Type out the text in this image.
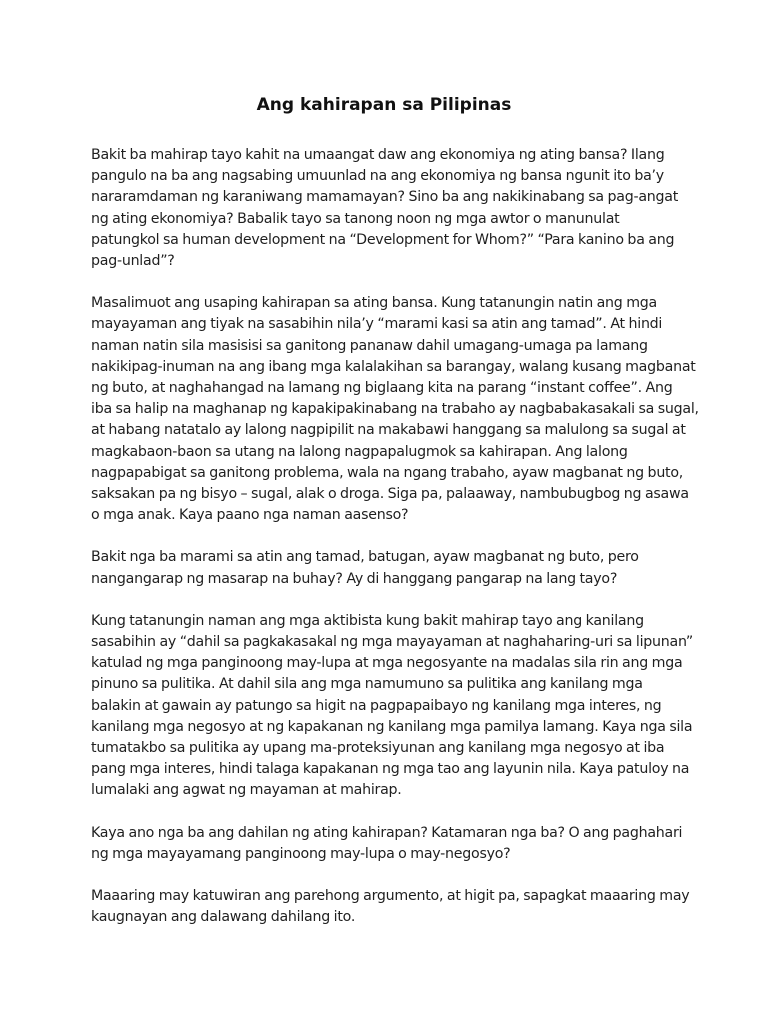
Ang kahirapan sa Pilipinas

Bakit ba mahirap tayo kahit na umaangat daw ang ekonomiya ng ating bansa? Ilang
pangulo na ba ang nagsabing umuunlad na ang ekonomiya ng bansa ngunit ito ba’y
nararamdaman ng karaniwang mamamayan? Sino ba ang nakikinabang sa pag-angat
ng ating ekonomiya? Babalik tayo sa tanong noon ng mga awtor o manunulat
patungkol sa human development na “Development for Whom?” “Para kanino ba ang
pag-unlad”?

Masalimuot ang usaping kahirapan sa ating bansa. Kung tatanungin natin ang mga
mayayaman ang tiyak na sasabihin nila’y “marami kasi sa atin ang tamad”. At hindi
naman natin sila masisisi sa ganitong pananaw dahil umagang-umaga pa lamang
nakikipag-inuman na ang ibang mga kalalakihan sa barangay, walang kusang magbanat
ng buto, at naghahangad na lamang ng biglaang kita na parang “instant coffee”. Ang
iba sa halip na maghanap ng kapakipakinabang na trabaho ay nagbabakasakali sa sugal,
at habang natatalo ay lalong nagpipilit na makabawi hanggang sa malulong sa sugal at
magkabaon-baon sa utang na lalong nagpapalugmok sa kahirapan. Ang lalong
nagpapabigat sa ganitong problema, wala na ngang trabaho, ayaw magbanat ng buto,
saksakan pa ng bisyo – sugal, alak o droga. Siga pa, palaaway, nambubugbog ng asawa
o mga anak. Kaya paano nga naman aasenso?

Bakit nga ba marami sa atin ang tamad, batugan, ayaw magbanat ng buto, pero
nangangarap ng masarap na buhay? Ay di hanggang pangarap na lang tayo?

Kung tatanungin naman ang mga aktibista kung bakit mahirap tayo ang kanilang
sasabihin ay “dahil sa pagkakasakal ng mga mayayaman at naghaharing-uri sa lipunan”
katulad ng mga panginoong may-lupa at mga negosyante na madalas sila rin ang mga
pinuno sa pulitika. At dahil sila ang mga namumuno sa pulitika ang kanilang mga
balakin at gawain ay patungo sa higit na pagpapaibayo ng kanilang mga interes, ng
kanilang mga negosyo at ng kapakanan ng kanilang mga pamilya lamang. Kaya nga sila
tumatakbo sa pulitika ay upang ma-proteksiyunan ang kanilang mga negosyo at iba
pang mga interes, hindi talaga kapakanan ng mga tao ang layunin nila. Kaya patuloy na
lumalaki ang agwat ng mayaman at mahirap.

Kaya ano nga ba ang dahilan ng ating kahirapan? Katamaran nga ba? O ang paghahari
ng mga mayayamang panginoong may-lupa o may-negosyo?

Maaaring may katuwiran ang parehong argumento, at higit pa, sapagkat maaaring may
kaugnayan ang dalawang dahilang ito.
